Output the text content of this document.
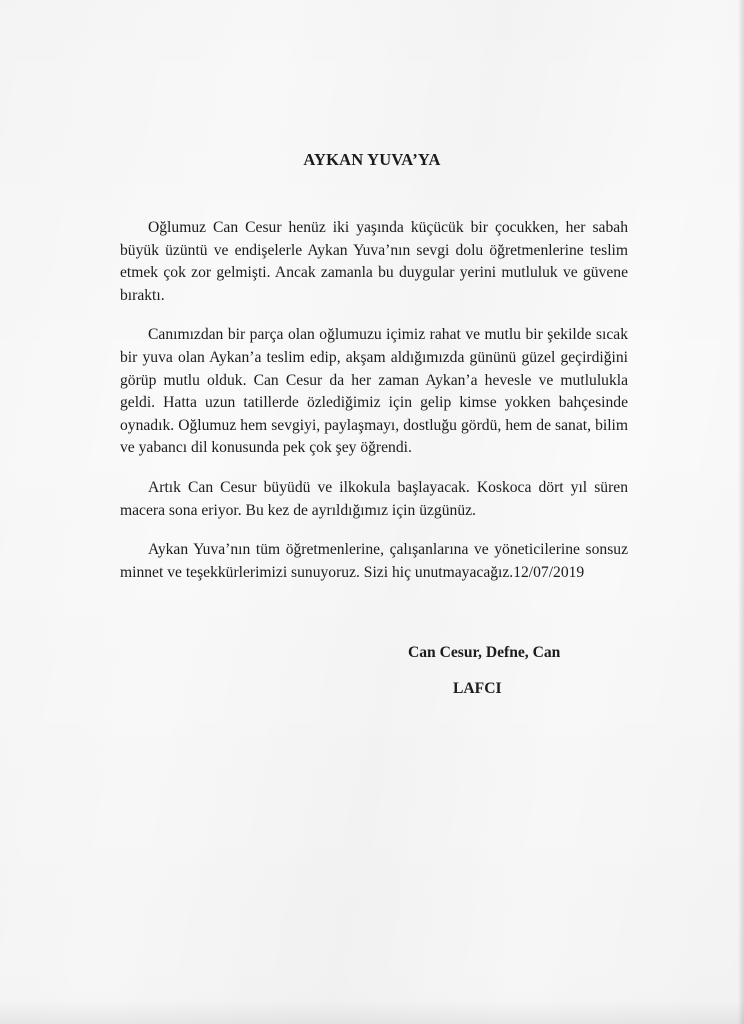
AYKAN YUVA’YA

Oğlumuz Can Cesur henüz iki yaşında küçücük bir çocukken, her sabah büyük üzüntü ve endişelerle Aykan Yuva’nın sevgi dolu öğretmenlerine teslim etmek çok zor gelmişti. Ancak zamanla bu duygular yerini mutluluk ve güvene bıraktı.

Canımızdan bir parça olan oğlumuzu içimiz rahat ve mutlu bir şekilde sıcak bir yuva olan Aykan’a teslim edip, akşam aldığımızda gününü güzel geçirdiğini görüp mutlu olduk. Can Cesur da her zaman Aykan’a hevesle ve mutlulukla geldi. Hatta uzun tatillerde özlediğimiz için gelip kimse yokken bahçesinde oynadık. Oğlumuz hem sevgiyi, paylaşmayı, dostluğu gördü, hem de sanat, bilim ve yabancı dil konusunda pek çok şey öğrendi.

Artık Can Cesur büyüdü ve ilkokula başlayacak. Koskoca dört yıl süren macera sona eriyor. Bu kez de ayrıldığımız için üzgünüz.

Aykan Yuva’nın tüm öğretmenlerine, çalışanlarına ve yöneticilerine sonsuz minnet ve teşekkürlerimizi sunuyoruz. Sizi hiç unutmayacağız.12/07/2019

Can Cesur, Defne, Can
LAFCI
